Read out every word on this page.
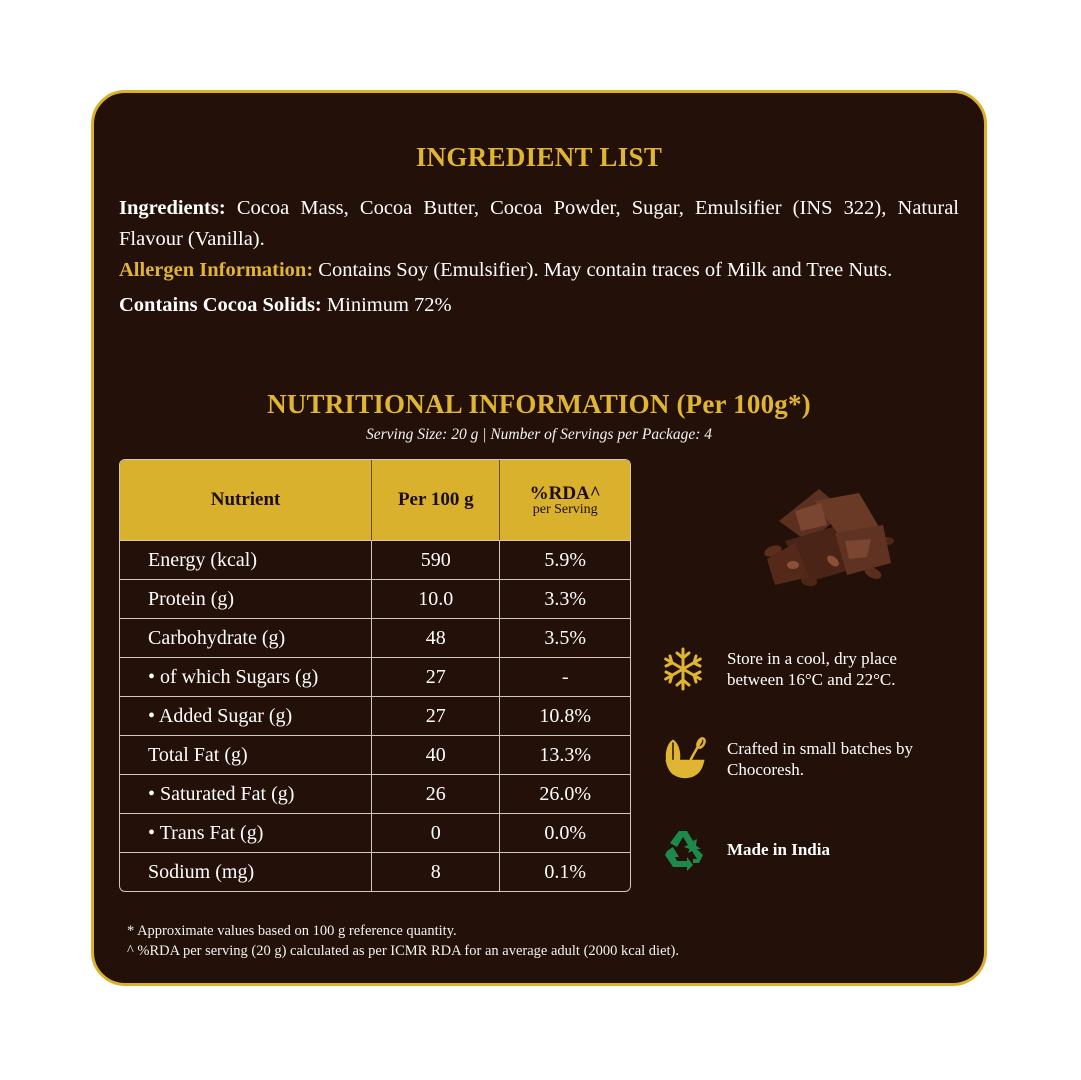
INGREDIENT LIST

Ingredients: Cocoa Mass, Cocoa Butter, Cocoa Powder, Sugar, Emulsifier (INS 322), Natural Flavour (Vanilla).

Allergen Information: Contains Soy (Emulsifier). May contain traces of Milk and Tree Nuts.

Contains Cocoa Solids: Minimum 72%

NUTRITIONAL INFORMATION (Per 100g*)
Serving Size: 20 g | Number of Servings per Package: 4
Nutrient	Per 100 g	%RDA^
per Serving

Energy (kcal)	590	5.9%
Protein (g)	10.0	3.3%
Carbohydrate (g)	48	3.5%
• of which Sugars (g)	27	-
• Added Sugar (g)	27	10.8%
Total Fat (g)	40	13.3%
• Saturated Fat (g)	26	26.0%
• Trans Fat (g)	0	0.0%
Sodium (mg)	8	0.1%
Store in a cool, dry place between 16°C and 22°C.
Crafted in small batches by Chocoresh.
Made in India

* Approximate values based on 100 g reference quantity.

^ %RDA per serving (20 g) calculated as per ICMR RDA for an average adult (2000 kcal diet).
